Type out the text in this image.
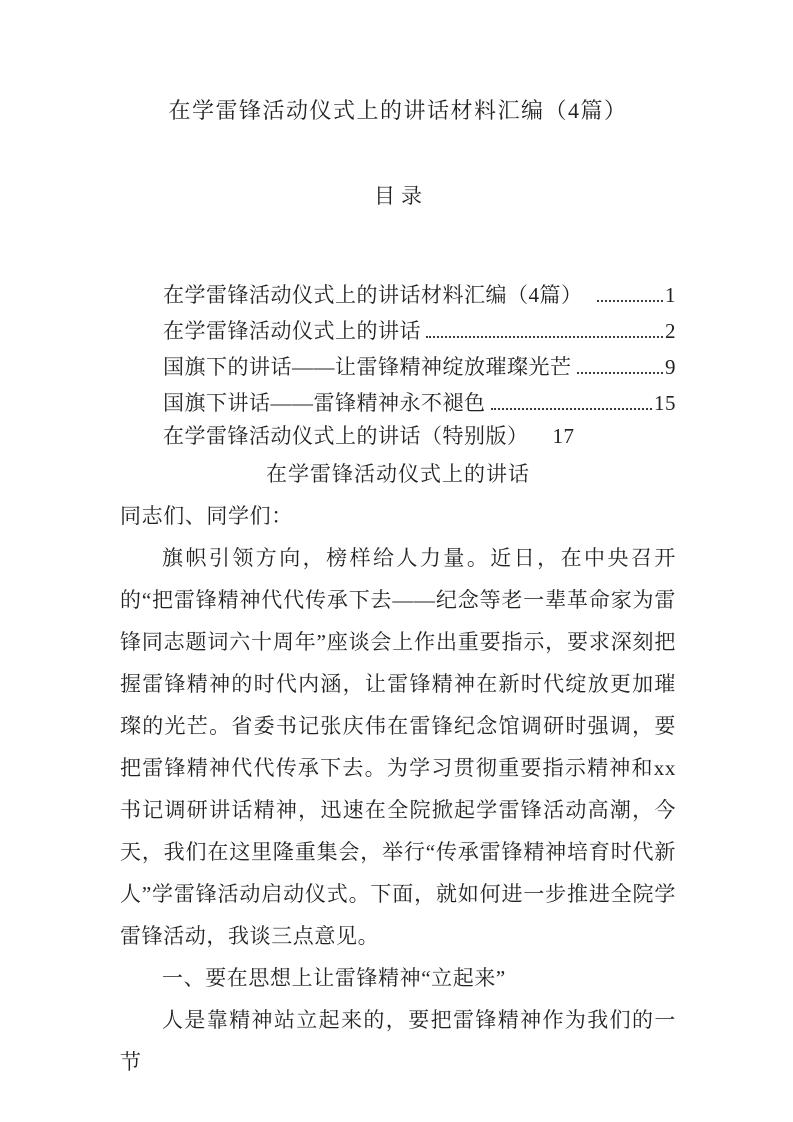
在学雷锋活动仪式上的讲话材料汇编（4篇）
目录
在学雷锋活动仪式上的讲话材料汇编（4篇）	1
在学雷锋活动仪式上的讲话	2
国旗下的讲话——让雷锋精神绽放璀璨光芒	9
国旗下讲话——雷锋精神永不褪色	15
在学雷锋活动仪式上的讲话（特别版） 17
在学雷锋活动仪式上的讲话

同志们、同学们：

旗帜引领方向，榜样给人力量。近日，在中央召开的“把雷锋精神代代传承下去——纪念等老一辈革命家为雷锋同志题词六十周年”座谈会上作出重要指示，要求深刻把握雷锋精神的时代内涵，让雷锋精神在新时代绽放更加璀璨的光芒。省委书记张庆伟在雷锋纪念馆调研时强调，要把雷锋精神代代传承下去。为学习贯彻重要指示精神和xx书记调研讲话精神，迅速在全院掀起学雷锋活动高潮，今天，我们在这里隆重集会，举行“传承雷锋精神培育时代新人”学雷锋活动启动仪式。下面，就如何进一步推进全院学雷锋活动，我谈三点意见。

一、要在思想上让雷锋精神“立起来”

人是靠精神站立起来的，要把雷锋精神作为我们的一节
